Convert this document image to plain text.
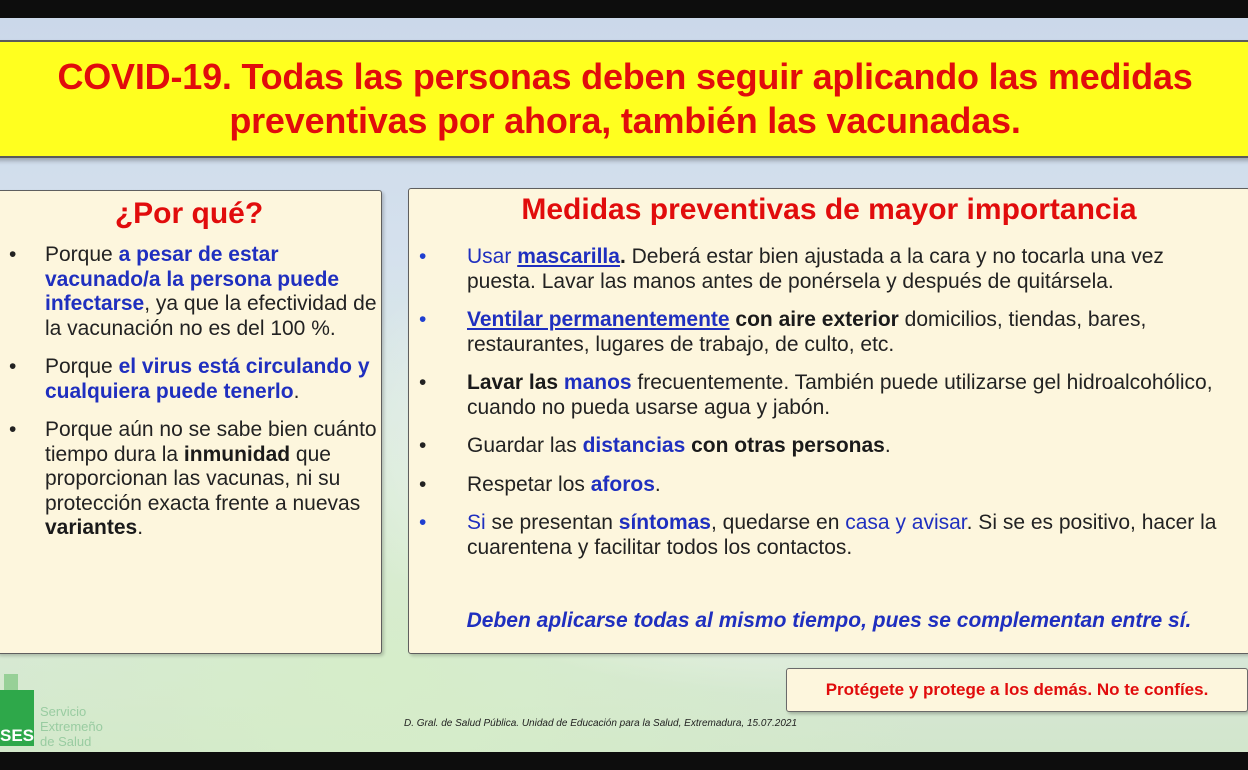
COVID-19. Todas las personas deben seguir aplicando las medidas preventivas por ahora, también las vacunadas.
¿Por qué?
• Porque a pesar de estar vacunado/a la persona puede infectarse, ya que la efectividad de la vacunación no es del 100 %.
• Porque el virus está circulando y cualquiera puede tenerlo.
• Porque aún no se sabe bien cuánto tiempo dura la inmunidad que proporcionan las vacunas, ni su protección exacta frente a nuevas variantes.
Medidas preventivas de mayor importancia
• Usar mascarilla. Deberá estar bien ajustada a la cara y no tocarla una vez puesta. Lavar las manos antes de ponérsela y después de quitársela.
• Ventilar permanentemente con aire exterior domicilios, tiendas, bares, restaurantes, lugares de trabajo, de culto, etc.
• Lavar las manos frecuentemente. También puede utilizarse gel hidroalcohólico, cuando no pueda usarse agua y jabón.
• Guardar las distancias con otras personas.
• Respetar los aforos.
• Si se presentan síntomas, quedarse en casa y avisar. Si se es positivo, hacer la cuarentena y facilitar todos los contactos.
Deben aplicarse todas al mismo tiempo, pues se complementan entre sí.
SES
Servicio
Extremeño
de Salud
D. Gral. de Salud Pública. Unidad de Educación para la Salud, Extremadura, 15.07.2021
Protégete y protege a los demás. No te confíes.
